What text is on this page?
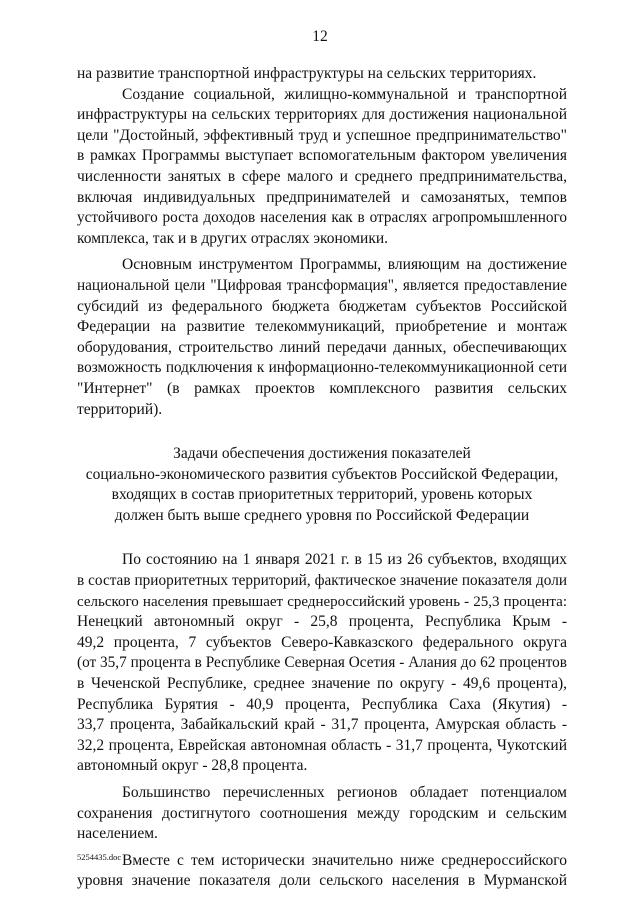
12
на развитие транспортной инфраструктуры на сельских территориях.
Создание социальной, жилищно-коммунальной и транспортной
инфраструктуры на сельских территориях для достижения национальной
цели "Достойный, эффективный труд и успешное предпринимательство"
в рамках Программы выступает вспомогательным фактором увеличения
численности занятых в сфере малого и среднего предпринимательства,
включая индивидуальных предпринимателей и самозанятых, темпов
устойчивого роста доходов населения как в отраслях агропромышленного
комплекса, так и в других отраслях экономики.
Основным инструментом Программы, влияющим на достижение
национальной цели "Цифровая трансформация", является предоставление
субсидий из федерального бюджета бюджетам субъектов Российской
Федерации на развитие телекоммуникаций, приобретение и монтаж
оборудования, строительство линий передачи данных, обеспечивающих
возможность подключения к информационно-телекоммуникационной сети
"Интернет" (в рамках проектов комплексного развития сельских
территорий).
Задачи обеспечения достижения показателей
социально-экономического развития субъектов Российской Федерации,
входящих в состав приоритетных территорий, уровень которых
должен быть выше среднего уровня по Российской Федерации
По состоянию на 1 января 2021 г. в 15 из 26 субъектов, входящих
в состав приоритетных территорий, фактическое значение показателя доли
сельского населения превышает среднероссийский уровень - 25,3 процента:
Ненецкий автономный округ - 25,8 процента, Республика Крым -
49,2 процента, 7 субъектов Северо-Кавказского федерального округа
(от 35,7 процента в Республике Северная Осетия - Алания до 62 процентов
в Чеченской Республике, среднее значение по округу - 49,6 процента),
Республика Бурятия - 40,9 процента, Республика Саха (Якутия) -
33,7 процента, Забайкальский край - 31,7 процента, Амурская область -
32,2 процента, Еврейская автономная область - 31,7 процента, Чукотский
автономный округ - 28,8 процента.
Большинство перечисленных регионов обладает потенциалом
сохранения достигнутого соотношения между городским и сельским
населением.
Вместе с тем исторически значительно ниже среднероссийского
уровня значение показателя доли сельского населения в Мурманской
5254435.doc
